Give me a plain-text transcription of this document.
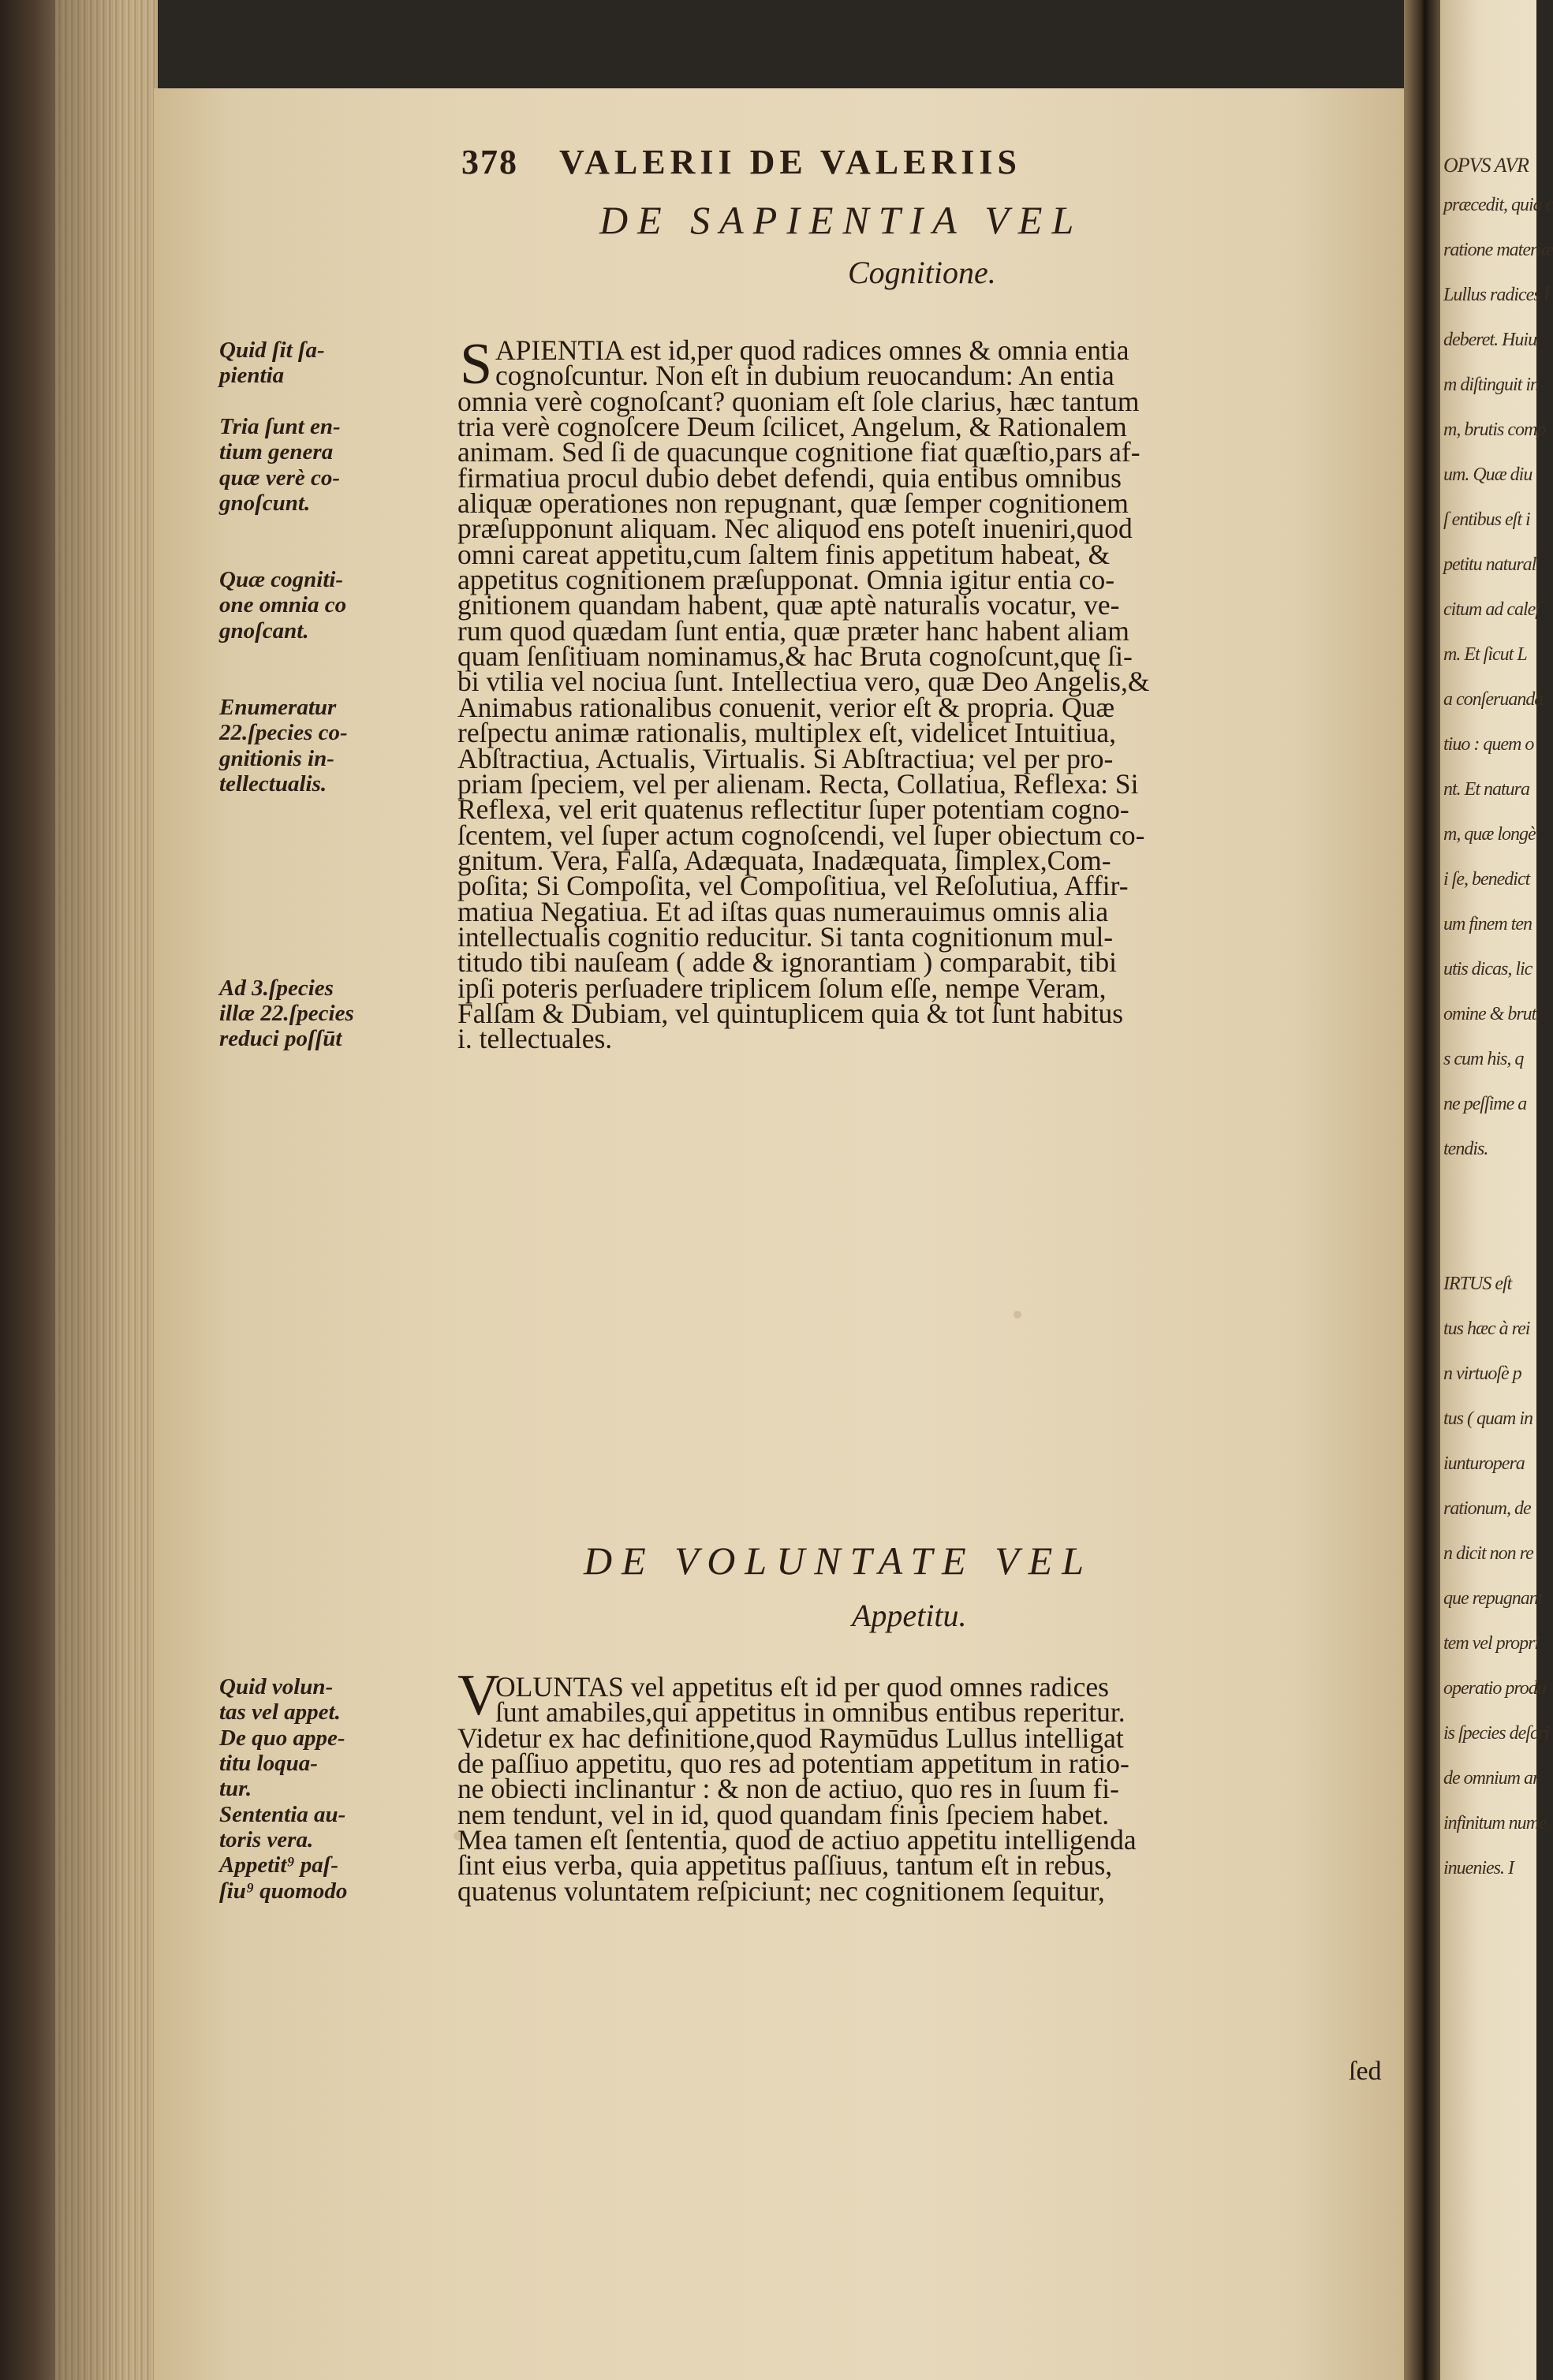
378 VALERII DE VALERIIS
DE SAPIENTIA VEL
Cognitione.
S APIENTIA est id,per quod radices omnes & omnia entia
cognoſcuntur. Non eſt in dubium reuocandum: An entia
omnia verè cognoſcant? quoniam eſt ſole clarius, hæc tantum
tria verè cognoſcere Deum ſcilicet, Angelum, & Rationalem
animam. Sed ſi de quacunque cognitione fiat quæſtio,pars af-
firmatiua procul dubio debet defendi, quia entibus omnibus
aliquæ operationes non repugnant, quæ ſemper cognitionem
præſupponunt aliquam. Nec aliquod ens poteſt inueniri,quod
omni careat appetitu,cum ſaltem finis appetitum habeat, &
appetitus cognitionem præſupponat. Omnia igitur entia co-
gnitionem quandam habent, quæ aptè naturalis vocatur, ve-
rum quod quædam ſunt entia, quæ præter hanc habent aliam
quam ſenſitiuam nominamus,& hac Bruta cognoſcunt,quę ſi-
bi vtilia vel nociua ſunt. Intellectiua vero, quæ Deo Angelis,&
Animabus rationalibus conuenit, verior eſt & propria. Quæ
reſpectu animæ rationalis, multiplex eſt, videlicet Intuitiua,
Abſtractiua, Actualis, Virtualis. Si Abſtractiua; vel per pro-
priam ſpeciem, vel per alienam. Recta, Collatiua, Reflexa: Si
Reflexa, vel erit quatenus reflectitur ſuper potentiam cogno-
ſcentem, vel ſuper actum cognoſcendi, vel ſuper obiectum co-
gnitum. Vera, Falſa, Adæquata, Inadæquata, ſimplex,Com-
poſita; Si Compoſita, vel Compoſitiua, vel Reſolutiua, Affir-
matiua Negatiua. Et ad iſtas quas numerauimus omnis alia
intellectualis cognitio reducitur. Si tanta cognitionum mul-
titudo tibi nauſeam ( adde & ignorantiam ) comparabit, tibi
ipſi poteris perſuadere triplicem ſolum eſſe, nempe Veram,
Falſam & Dubiam, vel quintuplicem quia & tot ſunt habitus
i. tellectuales.
Quid ſit ſa-
pientia
Tria ſunt en-
tium genera
quæ verè co-
gnoſcunt.
Quæ cogniti-
one omnia co
gnoſcant.
Enumeratur
22.ſpecies co-
gnitionis in-
tellectualis.
Ad 3.ſpecies
illæ 22.ſpecies
reduci poſſūt
DE VOLUNTATE VEL
Appetitu.
V
OLUNTAS vel appetitus eſt id per quod omnes radices
ſunt amabiles,qui appetitus in omnibus entibus reperitur.
Videtur ex hac definitione,quod Raymūdus Lullus intelligat
de paſſiuo appetitu, quo res ad potentiam appetitum in ratio-
ne obiecti inclinantur : & non de actiuo, quo res in ſuum fi-
nem tendunt, vel in id, quod quandam finis ſpeciem habet.
Mea tamen eſt ſententia, quod de actiuo appetitu intelligenda
ſint eius verba, quia appetitus paſſiuus, tantum eſt in rebus,
quatenus voluntatem reſpiciunt; nec cognitionem ſequitur,
Quid volun-
tas vel appet.
De quo appe-
titu loqua-
tur.
Sententia au-
toris vera.
Appetit⁹ paſ-
ſiu⁹ quomodo
ſed
OPVS AVR
præcedit, quia c
ratione materiæ
Lullus radices l
deberet. Huiu
m diſtinguit in
m, brutis comp
um. Quæ diu
ſ entibus eſt i
petitu natural
citum ad calef
m. Et ſicut L
a conſeruanda
tiuo : quem o
nt. Et natura
m, quæ longè
i ſe, benedict
um finem ten
utis dicas, lic
omine & brut
s cum his, q
ne peſſime a
tendis.
IRTUS eſt
tus hæc à rei
n virtuoſè p
tus ( quam in
iunturopera
rationum, de
n dicit non re
que repugnant
tem vel propri
operatio produ
is ſpecies deſcri
de omnium ar
infinitum nume
inuenies. I
